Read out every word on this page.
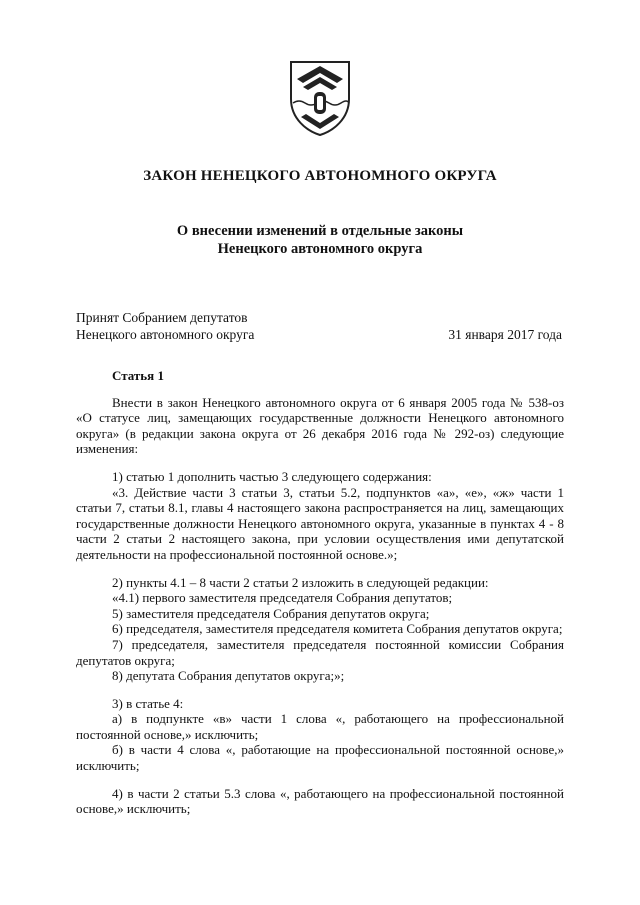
ЗАКОН НЕНЕЦКОГО АВТОНОМНОГО ОКРУГА
О внесении изменений в отдельные законы
Ненецкого автономного округа
Принят Собранием депутатов
Ненецкого автономного округа	31 января 2017 года

Статья 1

Внести в закон Ненецкого автономного округа от 6 января 2005 года № 538-оз «О статусе лиц, замещающих государственные должности Ненецкого автономного округа» (в редакции закона округа от 26 декабря 2016 года № 292-оз) следующие изменения:

1) статью 1 дополнить частью 3 следующего содержания:

«3. Действие части 3 статьи 3, статьи 5.2, подпунктов «а», «е», «ж» части 1 статьи 7, статьи 8.1, главы 4 настоящего закона распространяется на лиц, замещающих государственные должности Ненецкого автономного округа, указанные в пунктах 4 - 8 части 2 статьи 2 настоящего закона, при условии осуществления ими депутатской деятельности на профессиональной постоянной основе.»;

2) пункты 4.1 – 8 части 2 статьи 2 изложить в следующей редакции:

«4.1) первого заместителя председателя Собрания депутатов;

5) заместителя председателя Собрания депутатов округа;

6) председателя, заместителя председателя комитета Собрания депутатов округа;

7) председателя, заместителя председателя постоянной комиссии Собрания депутатов округа;

8) депутата Собрания депутатов округа;»;

3) в статье 4:

а) в подпункте «в» части 1 слова «, работающего на профессиональной постоянной основе,» исключить;

б) в части 4 слова «, работающие на профессиональной постоянной основе,» исключить;

4) в части 2 статьи 5.3 слова «, работающего на профессиональной постоянной основе,» исключить;
